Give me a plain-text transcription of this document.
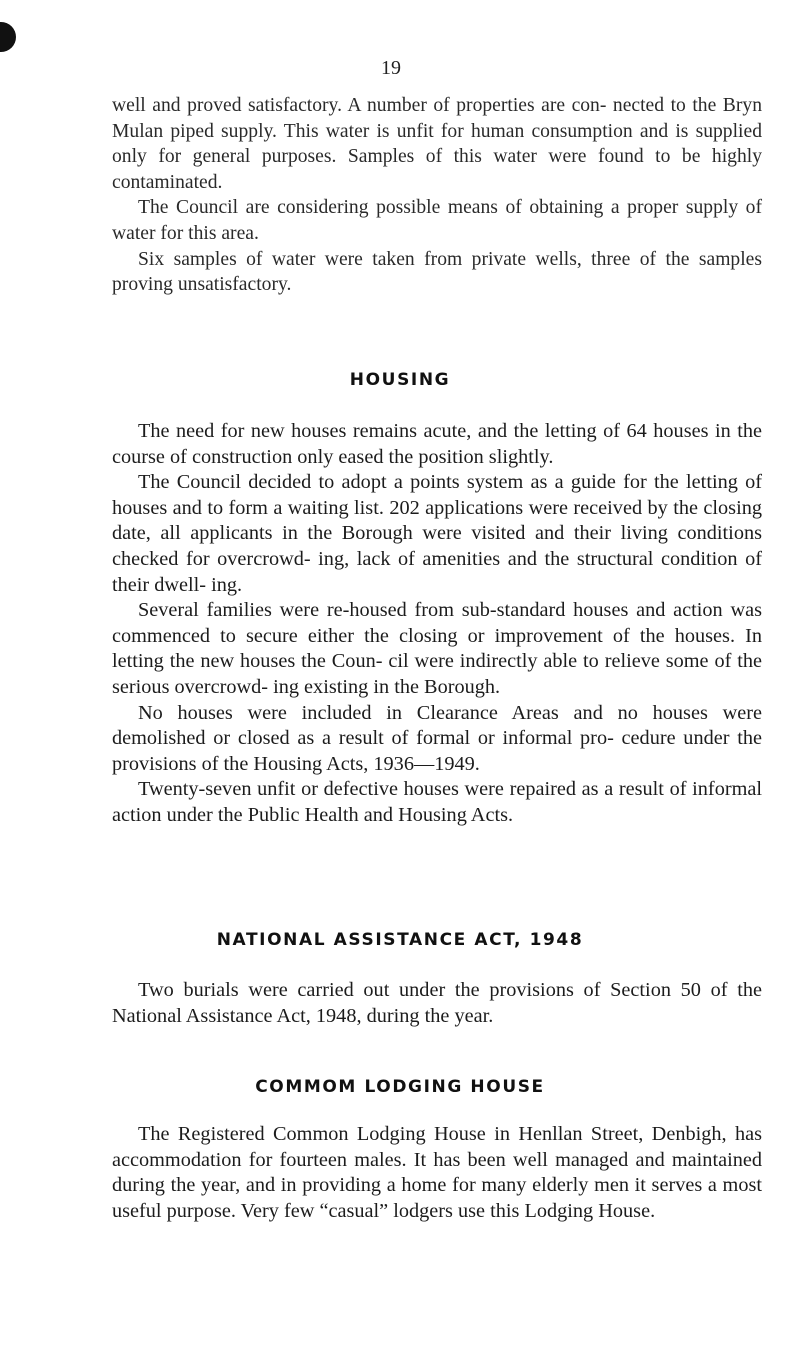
19

well and proved satisfactory. A number of properties are con- nected to the Bryn Mulan piped supply. This water is unfit for human consumption and is supplied only for general purposes. Samples of this water were found to be highly contaminated.

The Council are considering possible means of obtaining a proper supply of water for this area.

Six samples of water were taken from private wells, three of the samples proving unsatisfactory.

HOUSING

The need for new houses remains acute, and the letting of 64 houses in the course of construction only eased the position slightly.

The Council decided to adopt a points system as a guide for the letting of houses and to form a waiting list. 202 applications were received by the closing date, all applicants in the Borough were visited and their living conditions checked for overcrowd- ing, lack of amenities and the structural condition of their dwell- ing.

Several families were re-housed from sub-standard houses and action was commenced to secure either the closing or improvement of the houses. In letting the new houses the Coun- cil were indirectly able to relieve some of the serious overcrowd- ing existing in the Borough.

No houses were included in Clearance Areas and no houses were demolished or closed as a result of formal or informal pro- cedure under the provisions of the Housing Acts, 1936—1949.

Twenty-seven unfit or defective houses were repaired as a result of informal action under the Public Health and Housing Acts.

NATIONAL ASSISTANCE ACT, 1948

Two burials were carried out under the provisions of Section 50 of the National Assistance Act, 1948, during the year.

COMMOM LODGING HOUSE

The Registered Common Lodging House in Henllan Street, Denbigh, has accommodation for fourteen males. It has been well managed and maintained during the year, and in providing a home for many elderly men it serves a most useful purpose. Very few “casual” lodgers use this Lodging House.
